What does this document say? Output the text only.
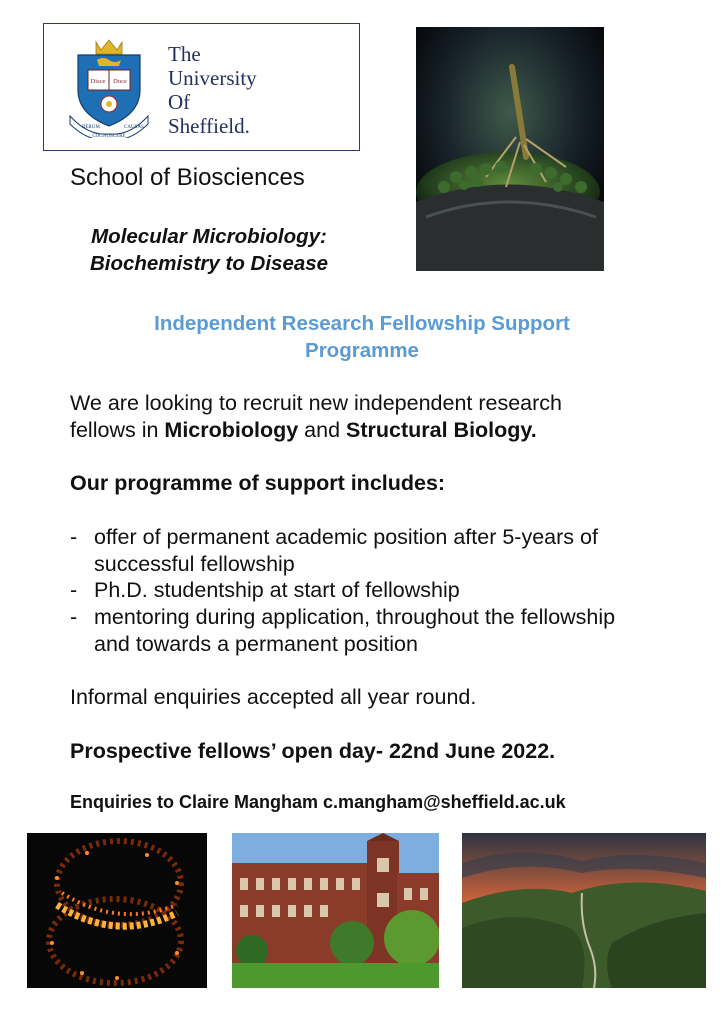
Disce Doce
RERUM
COGNOSCERE
CAUSAS
The
University
Of
Sheffield.
School of Biosciences
Molecular Microbiology:
Biochemistry to Disease
Independent Research Fellowship Support
Programme
We are looking to recruit new independent research
fellows in Microbiology and Structural Biology.
Our programme of support includes:
- offer of permanent academic position after 5-years of
successful fellowship
- Ph.D. studentship at start of fellowship
- mentoring during application, throughout the fellowship
and towards a permanent position
Informal enquiries accepted all year round.
Prospective fellows’ open day- 22nd June 2022.
Enquiries to Claire Mangham c.mangham@sheffield.ac.uk
